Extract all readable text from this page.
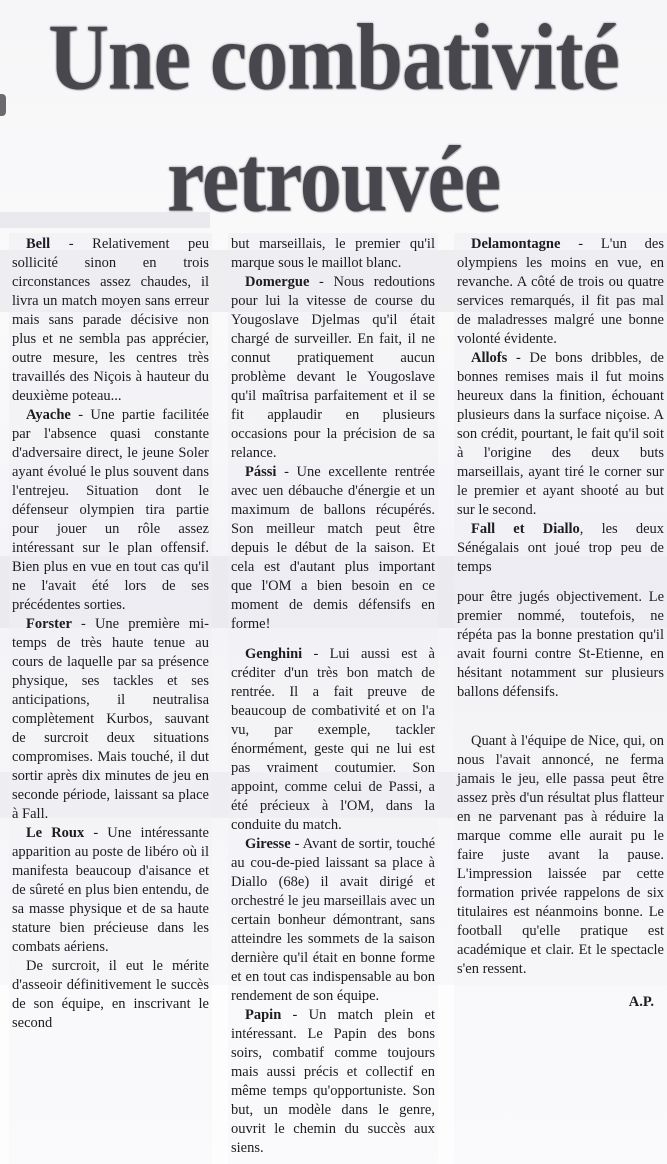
Une combativité
retrouvée

Bell - Relativement peu sollicité sinon en trois circonstances assez chaudes, il livra un match moyen sans erreur mais sans parade décisive non plus et ne sembla pas apprécier, outre mesure, les centres très travaillés des Niçois à hauteur du deuxième poteau...

Ayache - Une partie facilitée par l'absence quasi constante d'adversaire direct, le jeune Soler ayant évolué le plus souvent dans l'entrejeu. Situation dont le défenseur olympien tira partie pour jouer un rôle assez intéressant sur le plan offensif. Bien plus en vue en tout cas qu'il ne l'avait été lors de ses précédentes sorties.

Forster - Une première mi-temps de très haute tenue au cours de laquelle par sa présence physique, ses tackles et ses anticipations, il neutralisa complètement Kurbos, sauvant de surcroit deux situations compromises. Mais touché, il dut sortir après dix minutes de jeu en seconde période, laissant sa place à Fall.

Le Roux - Une intéressante apparition au poste de libéro où il manifesta beaucoup d'aisance et de sûreté en plus bien entendu, de sa masse physique et de sa haute stature bien précieuse dans les combats aériens.

De surcroit, il eut le mérite d'asseoir définitivement le succès de son équipe, en inscrivant le second

but marseillais, le premier qu'il marque sous le maillot blanc.

Domergue - Nous redoutions pour lui la vitesse de course du Yougoslave Djelmas qu'il était chargé de surveiller. En fait, il ne connut pratiquement aucun problème devant le Yougoslave qu'il maîtrisa parfaitement et il se fit applaudir en plusieurs occasions pour la précision de sa relance.

Pássi - Une excellente rentrée avec uen débauche d'énergie et un maximum de ballons récupérés. Son meilleur match peut être depuis le début de la saison. Et cela est d'autant plus important que l'OM a bien besoin en ce moment de demis défensifs en forme!

Genghini - Lui aussi est à créditer d'un très bon match de rentrée. Il a fait preuve de beaucoup de combativité et on l'a vu, par exemple, tackler énormément, geste qui ne lui est pas vraiment coutumier. Son appoint, comme celui de Passi, a été précieux à l'OM, dans la conduite du match.

Giresse - Avant de sortir, touché au cou-de-pied laissant sa place à Diallo (68e) il avait dirigé et orchestré le jeu marseillais avec un certain bonheur démontrant, sans atteindre les sommets de la saison dernière qu'il était en bonne forme et en tout cas indispensable au bon rendement de son équipe.

Papin - Un match plein et intéressant. Le Papin des bons soirs, combatif comme toujours mais aussi précis et collectif en même temps qu'opportuniste. Son but, un modèle dans le genre, ouvrit le chemin du succès aux siens.

Delamontagne - L'un des olympiens les moins en vue, en revanche. A côté de trois ou quatre services remarqués, il fit pas mal de maladresses malgré une bonne volonté évidente.

Allofs - De bons dribbles, de bonnes remises mais il fut moins heureux dans la finition, échouant plusieurs dans la surface niçoise. A son crédit, pourtant, le fait qu'il soit à l'origine des deux buts marseillais, ayant tiré le corner sur le premier et ayant shooté au but sur le second.

Fall et Diallo, les deux Sénégalais ont joué trop peu de temps

pour être jugés objectivement. Le premier nommé, toutefois, ne répéta pas la bonne prestation qu'il avait fourni contre St-Etienne, en hésitant notamment sur plusieurs ballons défensifs.

Quant à l'équipe de Nice, qui, on nous l'avait annoncé, ne ferma jamais le jeu, elle passa peut être assez près d'un résultat plus flatteur en ne parvenant pas à réduire la marque comme elle aurait pu le faire juste avant la pause. L'impression laissée par cette formation privée rappelons de six titulaires est néanmoins bonne. Le football qu'elle pratique est académique et clair. Et le spectacle s'en ressent.

A.P.
